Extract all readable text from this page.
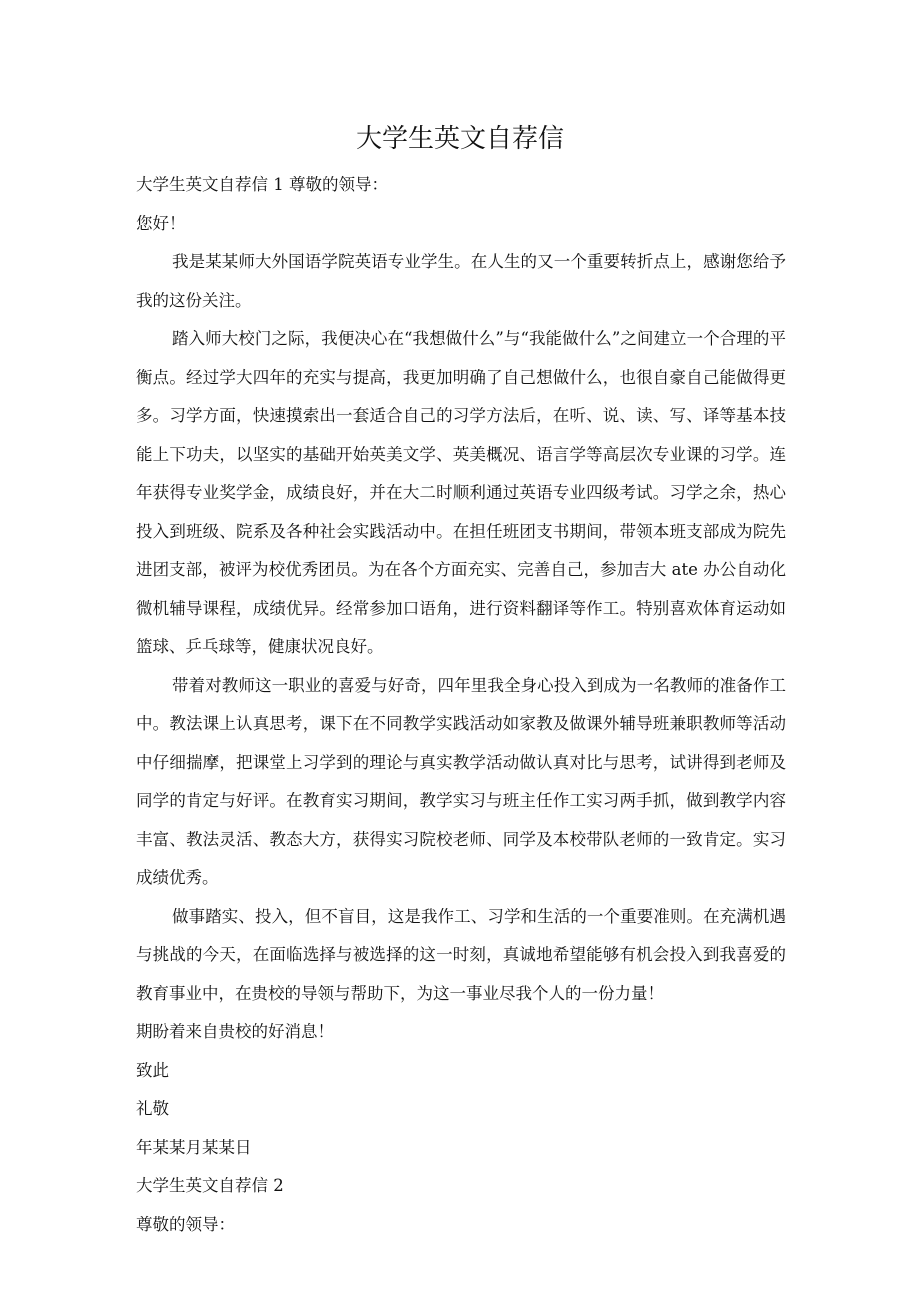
大学生英文自荐信

大学生英文自荐信 1 尊敬的领导：

您好！

我是某某师大外国语学院英语专业学生。在人生的又一个重要转折点上，感谢您给予我的这份关注。

踏入师大校门之际，我便决心在“我想做什么”与“我能做什么”之间建立一个合理的平衡点。经过学大四年的充实与提高，我更加明确了自己想做什么，也很自豪自己能做得更多。习学方面，快速摸索出一套适合自己的习学方法后，在听、说、读、写、译等基本技能上下功夫，以坚实的基础开始英美文学、英美概况、语言学等高层次专业课的习学。连年获得专业奖学金，成绩良好，并在大二时顺利通过英语专业四级考试。习学之余，热心投入到班级、院系及各种社会实践活动中。在担任班团支书期间，带领本班支部成为院先进团支部，被评为校优秀团员。为在各个方面充实、完善自己，参加吉大 ate 办公自动化微机辅导课程，成绩优异。经常参加口语角，进行资料翻译等作工。特别喜欢体育运动如篮球、乒乓球等，健康状况良好。

带着对教师这一职业的喜爱与好奇，四年里我全身心投入到成为一名教师的准备作工中。教法课上认真思考，课下在不同教学实践活动如家教及做课外辅导班兼职教师等活动中仔细揣摩，把课堂上习学到的理论与真实教学活动做认真对比与思考，试讲得到老师及同学的肯定与好评。在教育实习期间，教学实习与班主任作工实习两手抓，做到教学内容丰富、教法灵活、教态大方，获得实习院校老师、同学及本校带队老师的一致肯定。实习成绩优秀。

做事踏实、投入，但不盲目，这是我作工、习学和生活的一个重要准则。在充满机遇与挑战的今天，在面临选择与被选择的这一时刻，真诚地希望能够有机会投入到我喜爱的教育事业中，在贵校的导领与帮助下，为这一事业尽我个人的一份力量！

期盼着来自贵校的好消息！

致此

礼敬

年某某月某某日

大学生英文自荐信 2

尊敬的领导：
